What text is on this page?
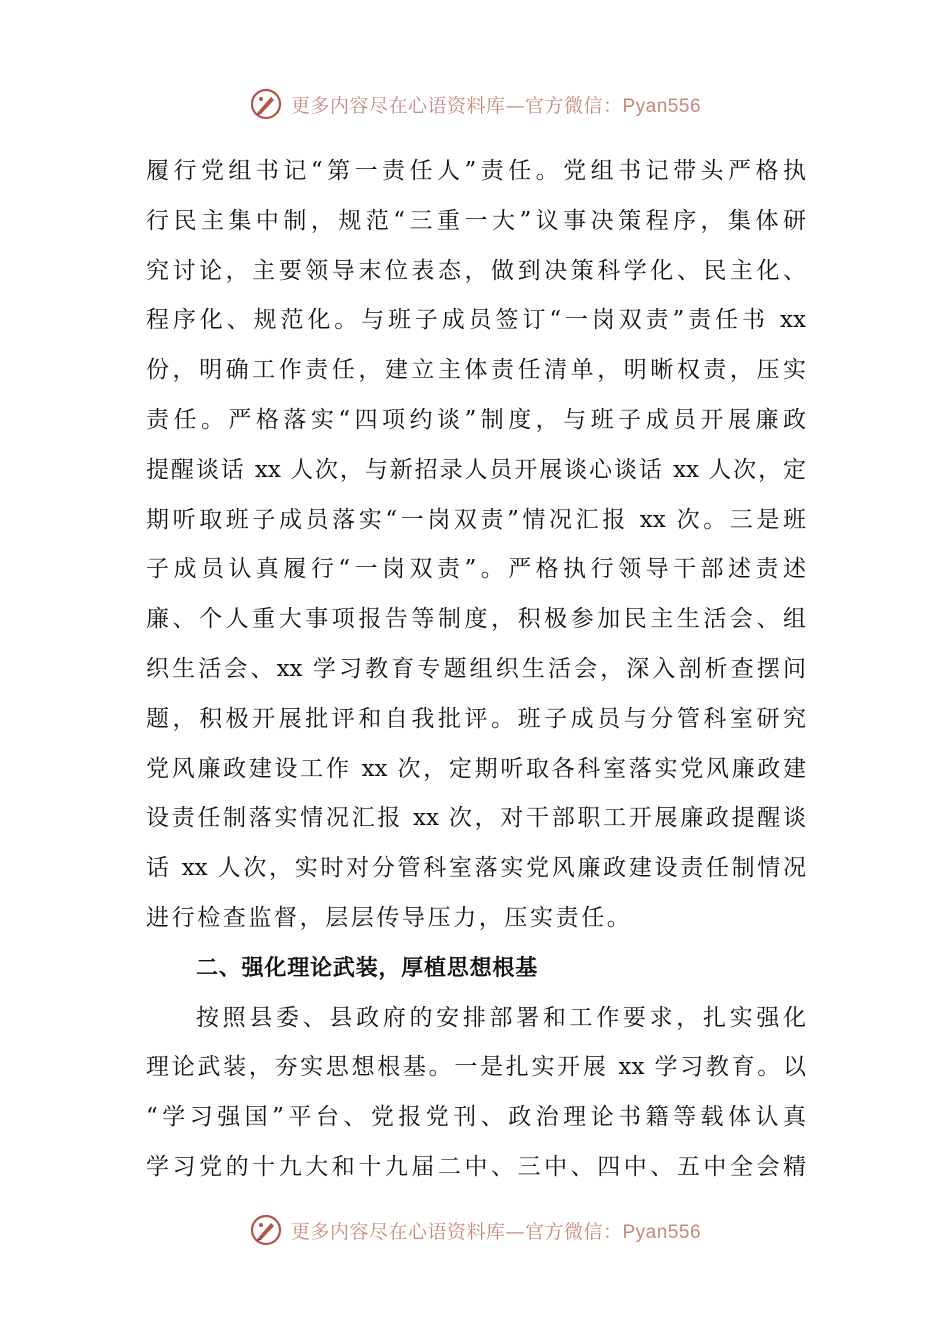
更多内容尽在心语资料库—官方微信：Pyan556
履行党组书记“第一责任人”责任。党组书记带头严格执
行民主集中制，规范“三重一大”议事决策程序，集体研
究讨论，主要领导末位表态，做到决策科学化、民主化、
程序化、规范化。与班子成员签订“一岗双责”责任书 xx
份，明确工作责任，建立主体责任清单，明晰权责，压实
责任。严格落实“四项约谈”制度，与班子成员开展廉政
提醒谈话 xx 人次，与新招录人员开展谈心谈话 xx 人次，定
期听取班子成员落实“一岗双责”情况汇报 xx 次。三是班
子成员认真履行“一岗双责”。严格执行领导干部述责述
廉、个人重大事项报告等制度，积极参加民主生活会、组
织生活会、xx 学习教育专题组织生活会，深入剖析查摆问
题，积极开展批评和自我批评。班子成员与分管科室研究
党风廉政建设工作 xx 次，定期听取各科室落实党风廉政建
设责任制落实情况汇报 xx 次，对干部职工开展廉政提醒谈
话 xx 人次，实时对分管科室落实党风廉政建设责任制情况
进行检查监督，层层传导压力，压实责任。
二、强化理论武装，厚植思想根基
按照县委、县政府的安排部署和工作要求，扎实强化
理论武装，夯实思想根基。一是扎实开展 xx 学习教育。以
“学习强国”平台、党报党刊、政治理论书籍等载体认真
学习党的十九大和十九届二中、三中、四中、五中全会精
更多内容尽在心语资料库—官方微信：Pyan556
